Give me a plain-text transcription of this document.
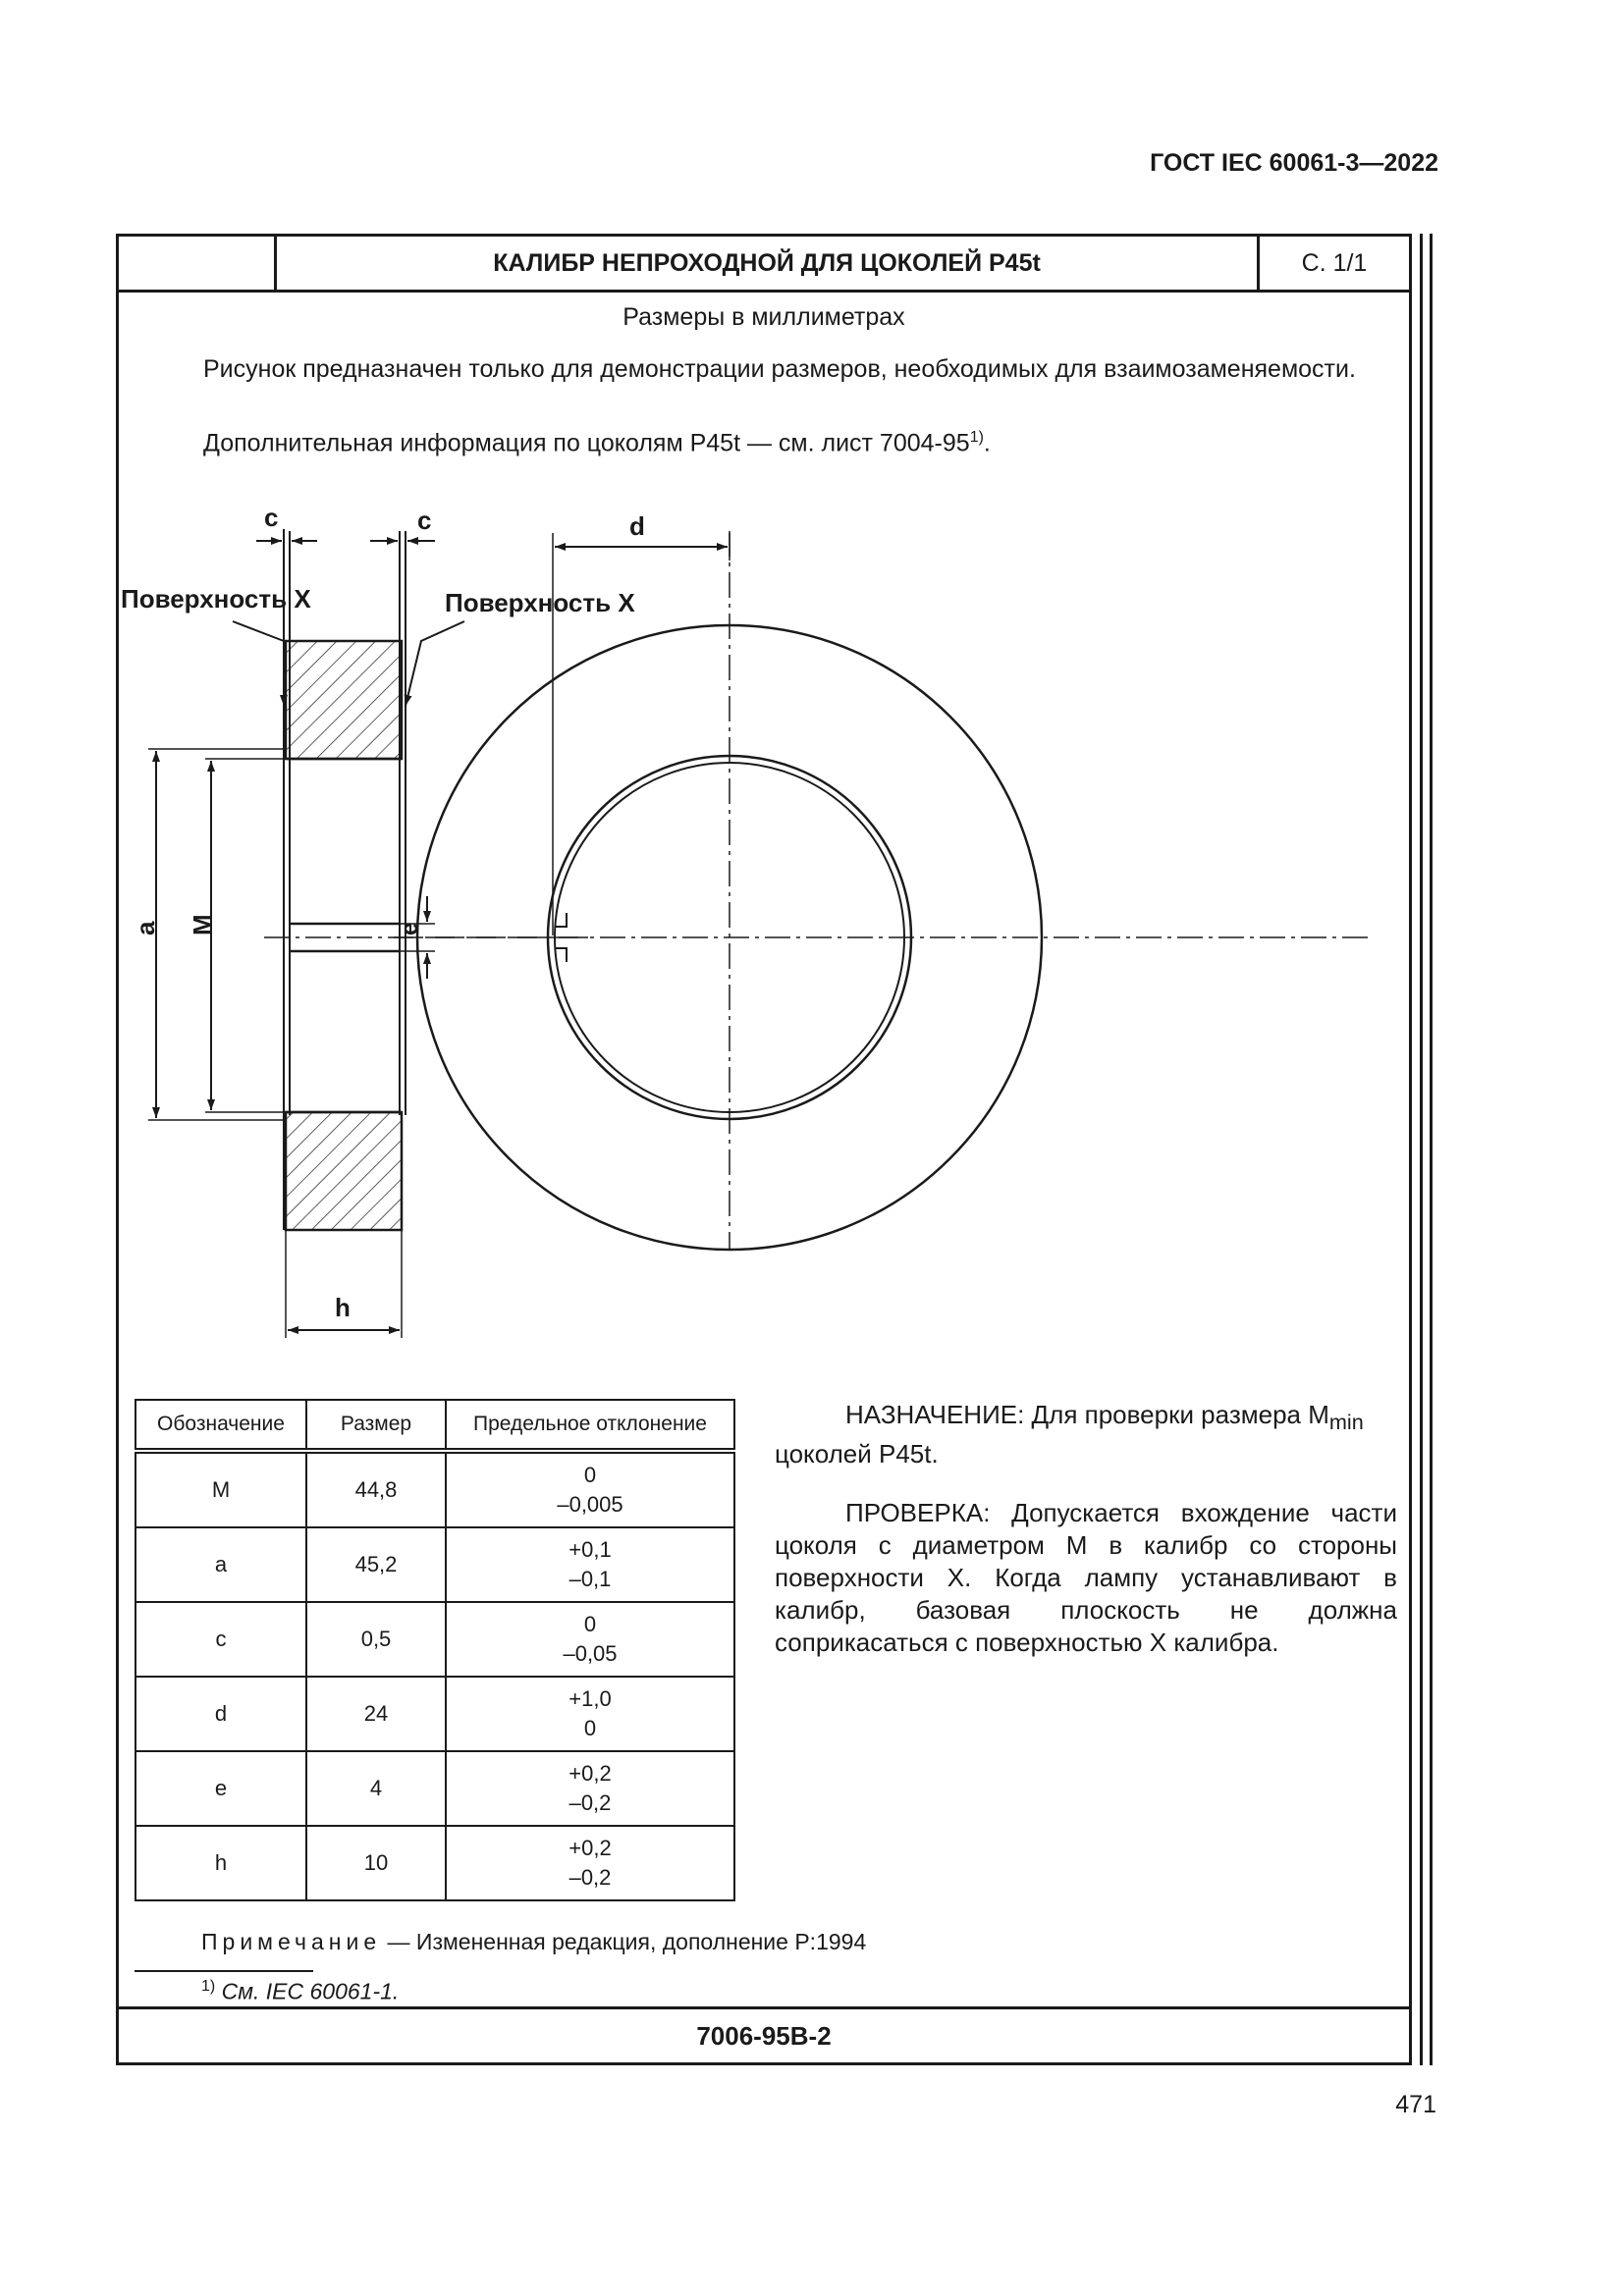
ГОСТ IEC 60061-3—2022
КАЛИБР НЕПРОХОДНОЙ ДЛЯ ЦОКОЛЕЙ P45t	С. 1/1
Размеры в миллиметрах
Рисунок предназначен только для демонстрации размеров, необходимых для взаимозаменяемости.
Дополнительная информация по цоколям P45t — см. лист 7004-95$^{1)}$.
c	c
Поверхность X	Поверхность X
a M	e
h
d
Обозначение	Размер	Предельное отклонение
M	44,8	0
–0,005

a	45,2	+0,1
–0,1

c	0,5	0
–0,05

d	24	+1,0
0

e	4	+0,2
–0,2

h	10	+0,2
–0,2
НАЗНАЧЕНИЕ: Для проверки размера $M_{min}$ цоколей P45t.
ПРОВЕРКА: Допускается вхождение части цоколя с диаметром M в калибр со стороны поверхности X. Когда лампу устанавливают в калибр, базовая плоскость не должна соприкасаться с поверхностью X калибра.
Примечание — Измененная редакция, дополнение P:1994
$^{1)}$ См. IEC 60061-1.
7006-95B-2
471
